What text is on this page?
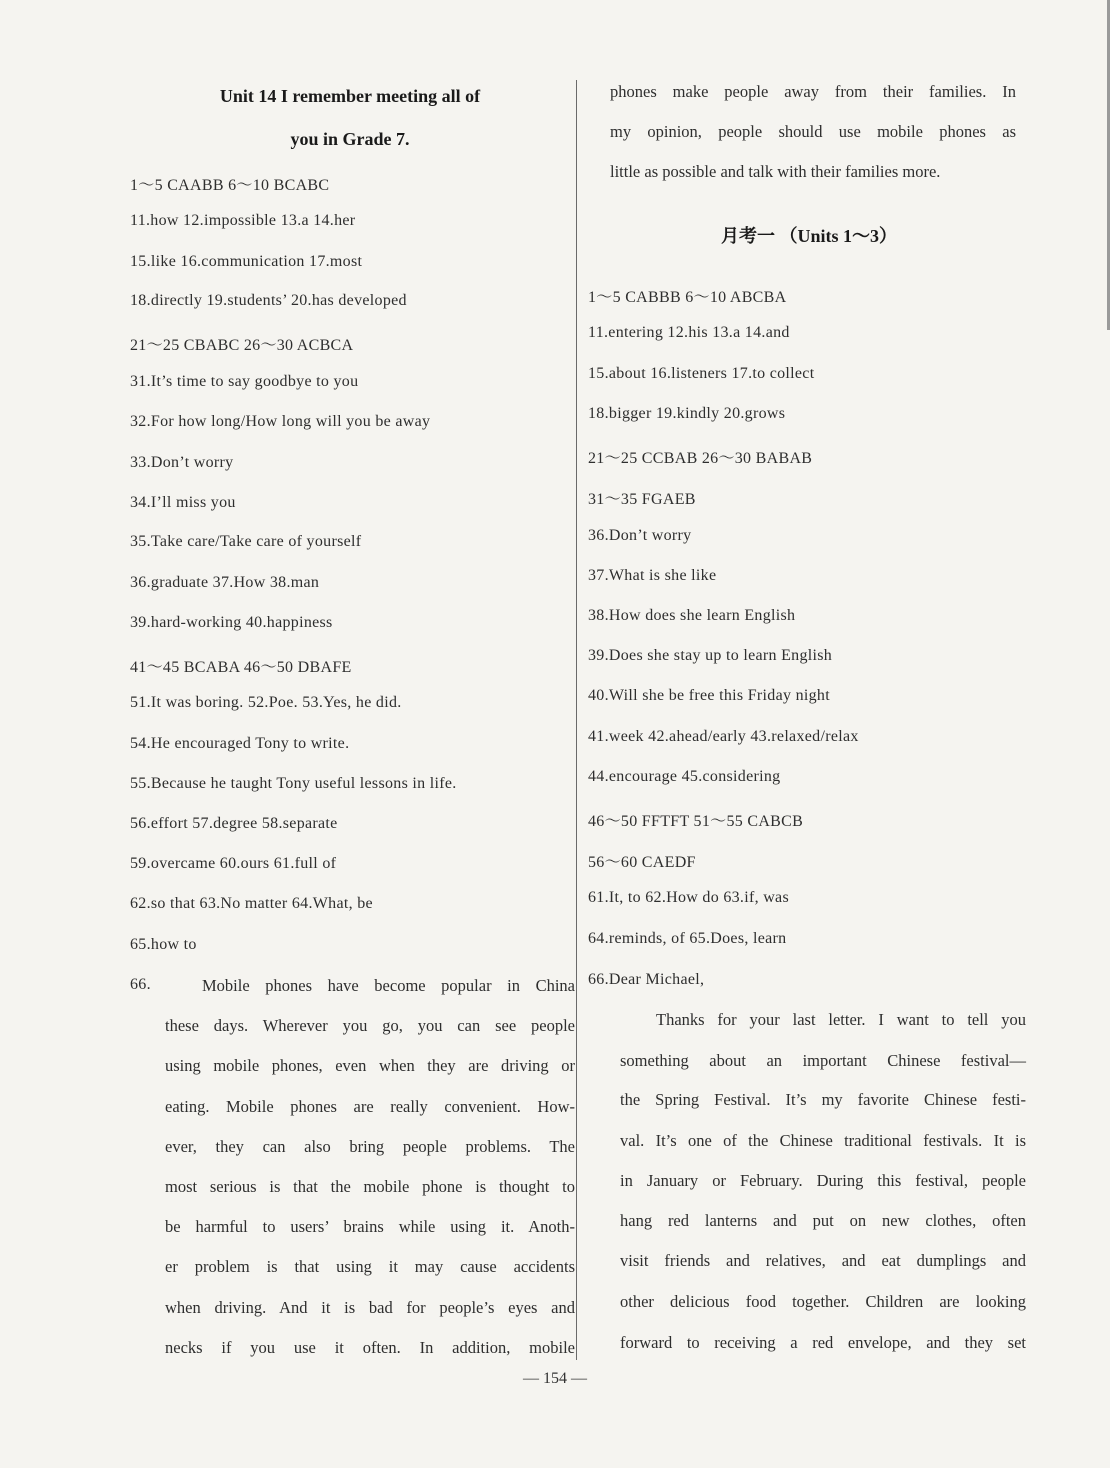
Unit 14 I remember meeting all of
you in Grade 7.
1～5 CAABB 6～10 BCABC
11.how 12.impossible 13.a 14.her
15.like 16.communication 17.most
18.directly 19.students’ 20.has developed
21～25 CBABC 26～30 ACBCA
31.It’s time to say goodbye to you
32.For how long/How long will you be away
33.Don’t worry
34.I’ll miss you
35.Take care/Take care of yourself
36.graduate 37.How 38.man
39.hard-working 40.happiness
41～45 BCABA 46～50 DBAFE
51.It was boring. 52.Poe. 53.Yes, he did.
54.He encouraged Tony to write.
55.Because he taught Tony useful lessons in life.
56.effort 57.degree 58.separate
59.overcame 60.ours 61.full of
62.so that 63.No matter 64.What, be
65.how to
66.	Mobile phones have become popular in China
these days. Wherever you go, you can see people
using mobile phones, even when they are driving or
eating. Mobile phones are really convenient. How-
ever, they can also bring people problems. The
most serious is that the mobile phone is thought to
be harmful to users’ brains while using it. Anoth-
er problem is that using it may cause accidents
when driving. And it is bad for people’s eyes and
necks if you use it often. In addition, mobile
phones make people away from their families. In
my opinion, people should use mobile phones as
little as possible and talk with their families more.
月考一 （Units 1～3）
1～5 CABBB 6～10 ABCBA
11.entering 12.his 13.a 14.and
15.about 16.listeners 17.to collect
18.bigger 19.kindly 20.grows
21～25 CCBAB 26～30 BABAB
31～35 FGAEB
36.Don’t worry
37.What is she like
38.How does she learn English
39.Does she stay up to learn English
40.Will she be free this Friday night
41.week 42.ahead/early 43.relaxed/relax
44.encourage 45.considering
46～50 FFTFT 51～55 CABCB
56～60 CAEDF
61.It, to 62.How do 63.if, was
64.reminds, of 65.Does, learn
66.Dear Michael,
Thanks for your last letter. I want to tell you
something about an important Chinese festival—
the Spring Festival. It’s my favorite Chinese festi-
val. It’s one of the Chinese traditional festivals. It is
in January or February. During this festival, people
hang red lanterns and put on new clothes, often
visit friends and relatives, and eat dumplings and
other delicious food together. Children are looking
forward to receiving a red envelope, and they set
— 154 —
